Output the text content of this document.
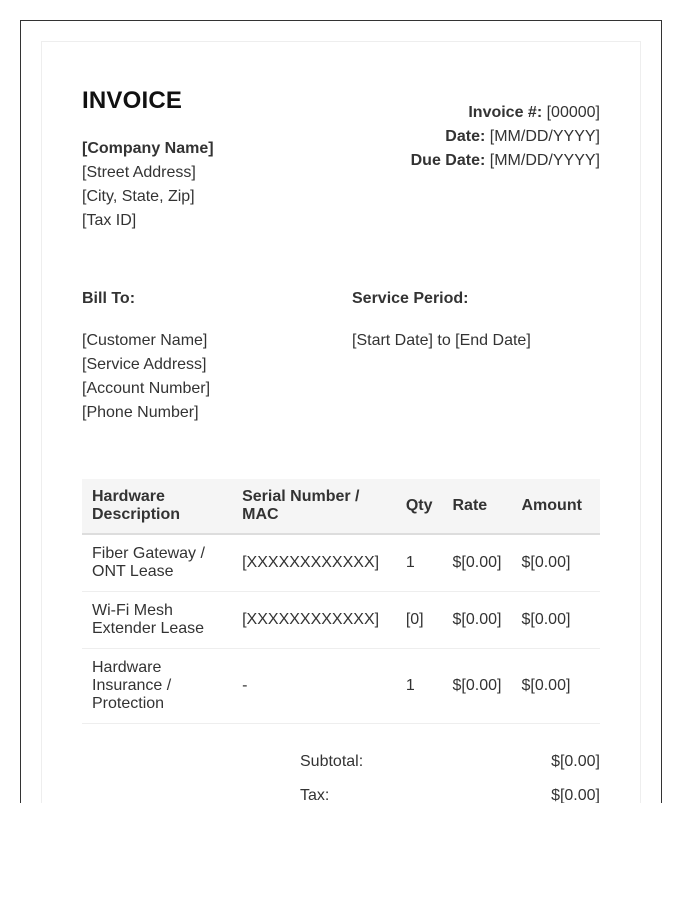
INVOICE
[Company Name]
[Street Address]
[City, State, Zip]
[Tax ID]
Invoice #: [00000]
Date: [MM/DD/YYYY]
Due Date: [MM/DD/YYYY]
Bill To:
[Customer Name]
[Service Address]
[Account Number]
[Phone Number]
Service Period:
[Start Date] to [End Date]
Hardware Description	Serial Number / MAC	Qty	Rate	Amount
Fiber Gateway / ONT Lease	[XXXXXXXXXXXX]	1	$[0.00]	$[0.00]
Wi-Fi Mesh Extender Lease	[XXXXXXXXXXXX]	[0]	$[0.00]	$[0.00]
Hardware Insurance / Protection	-	1	$[0.00]	$[0.00]
Subtotal:	$[0.00]
Tax:	$[0.00]
